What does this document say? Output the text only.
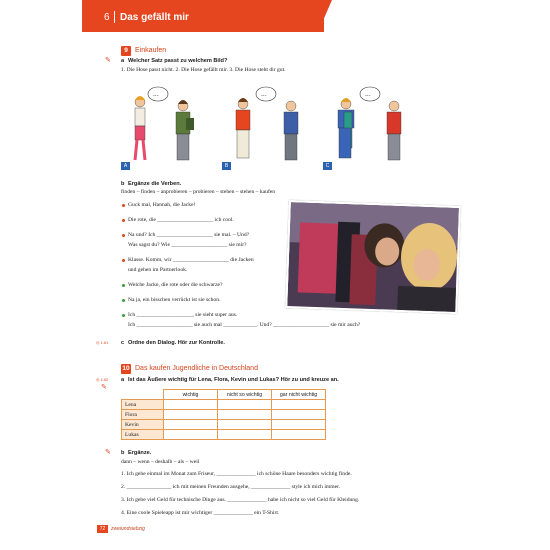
6 Das gefällt mir
9	Einkaufen
✎ a Welcher Satz passt zu welchem Bild?
1. Die Hose passt nicht. 2. Die Hose gefällt mir. 3. Die Hose steht dir gut.
...
A
...
B
...
C
b Ergänze die Verben.
finden – finden – anprobieren – probieren – stehen – stehen – kaufen
Guck mal, Hannah, die Jacke!
Die rote, die ____________________ ich cool.
Na und? Ich ____________________ sie mal. – Und?
Was sagst du? Wie ____________________ sie mir?
Klasse. Komm, wir ____________________ die Jacken
und gehen im Partnerlook.
Welche Jacke, die rote oder die schwarze?
Na ja, ein bisschen verrückt ist sie schon.
Ich ____________________, sie sieht super aus.
Ich ____________________ sie auch mal ____________. Und? ____________________ sie mir auch?
◎ 1.61 c Ordne den Dialog. Hör zur Kontrolle.
10 Das kaufen Jugendliche in Deutschland
◎ 1.62
✎
a Ist das Äußere wichtig für Lena, Flora, Kevin und Lukas? Hör zu und kreuze an.
	wichtig	nicht so wichtig	gar nicht wichtig
Lena			
Flora			
Kevin			
Lukas			
✎ b Ergänze.
dann – wenn – deshalb – als – weil
1. Ich gehe einmal im Monat zum Friseur, ______________ ich schöne Haare besonders wichtig finde.
2. ________________ ich mit meinen Freunden ausgehe, ______________ style ich mich immer.
3. Ich gebe viel Geld für technische Dinge aus. ______________ habe ich nicht so viel Geld für Kleidung.
4. Eine coole Spieleapp ist mir wichtiger ______________ ein T-Shirt.
72	zweiundsiebzig
